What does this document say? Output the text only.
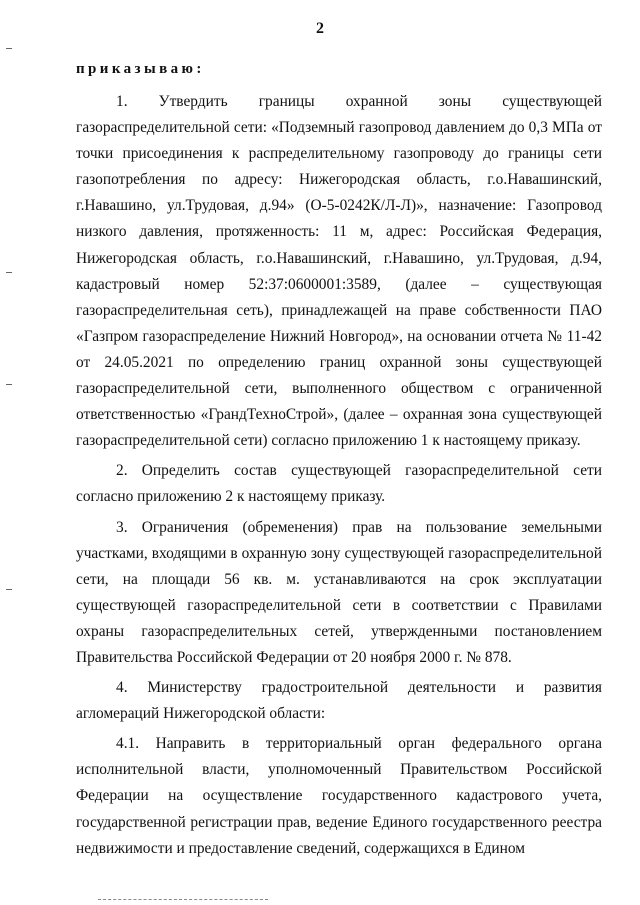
2
приказываю:

1. Утвердить границы охранной зоны существующей газораспределительной сети: «Подземный газопровод давлением до 0,3 МПа от точки присоединения к распределительному газопроводу до границы сети газопотребления по адресу: Нижегородская область, г.о.Навашинский, г.Навашино, ул.Трудовая, д.94» (О-5-0242К/Л-Л)», назначение: Газопровод низкого давления, протяженность: 11 м, адрес: Российская Федерация, Нижегородская область, г.о.Навашинский, г.Навашино, ул.Трудовая, д.94, кадастровый номер 52:37:0600001:3589, (далее – существующая газораспределительная сеть), принадлежащей на праве собственности ПАО «Газпром газораспределение Нижний Новгород», на основании отчета № 11-42 от 24.05.2021 по определению границ охранной зоны существующей газораспределительной сети, выполненного обществом с ограниченной ответственностью «ГрандТехноСтрой», (далее – охранная зона существующей газораспределительной сети) согласно приложению 1 к настоящему приказу.

2. Определить состав существующей газораспределительной сети согласно приложению 2 к настоящему приказу.

3. Ограничения (обременения) прав на пользование земельными участками, входящими в охранную зону существующей газораспределительной сети, на площади 56 кв. м. устанавливаются на срок эксплуатации существующей газораспределительной сети в соответствии с Правилами охраны газораспределительных сетей, утвержденными постановлением Правительства Российской Федерации от 20 ноября 2000 г. № 878.

4. Министерству градостроительной деятельности и развития агломераций Нижегородской области:

4.1. Направить в территориальный орган федерального органа исполнительной власти, уполномоченный Правительством Российской Федерации на осуществление государственного кадастрового учета, государственной регистрации прав, ведение Единого государственного реестра недвижимости и предоставление сведений, содержащихся в Едином
